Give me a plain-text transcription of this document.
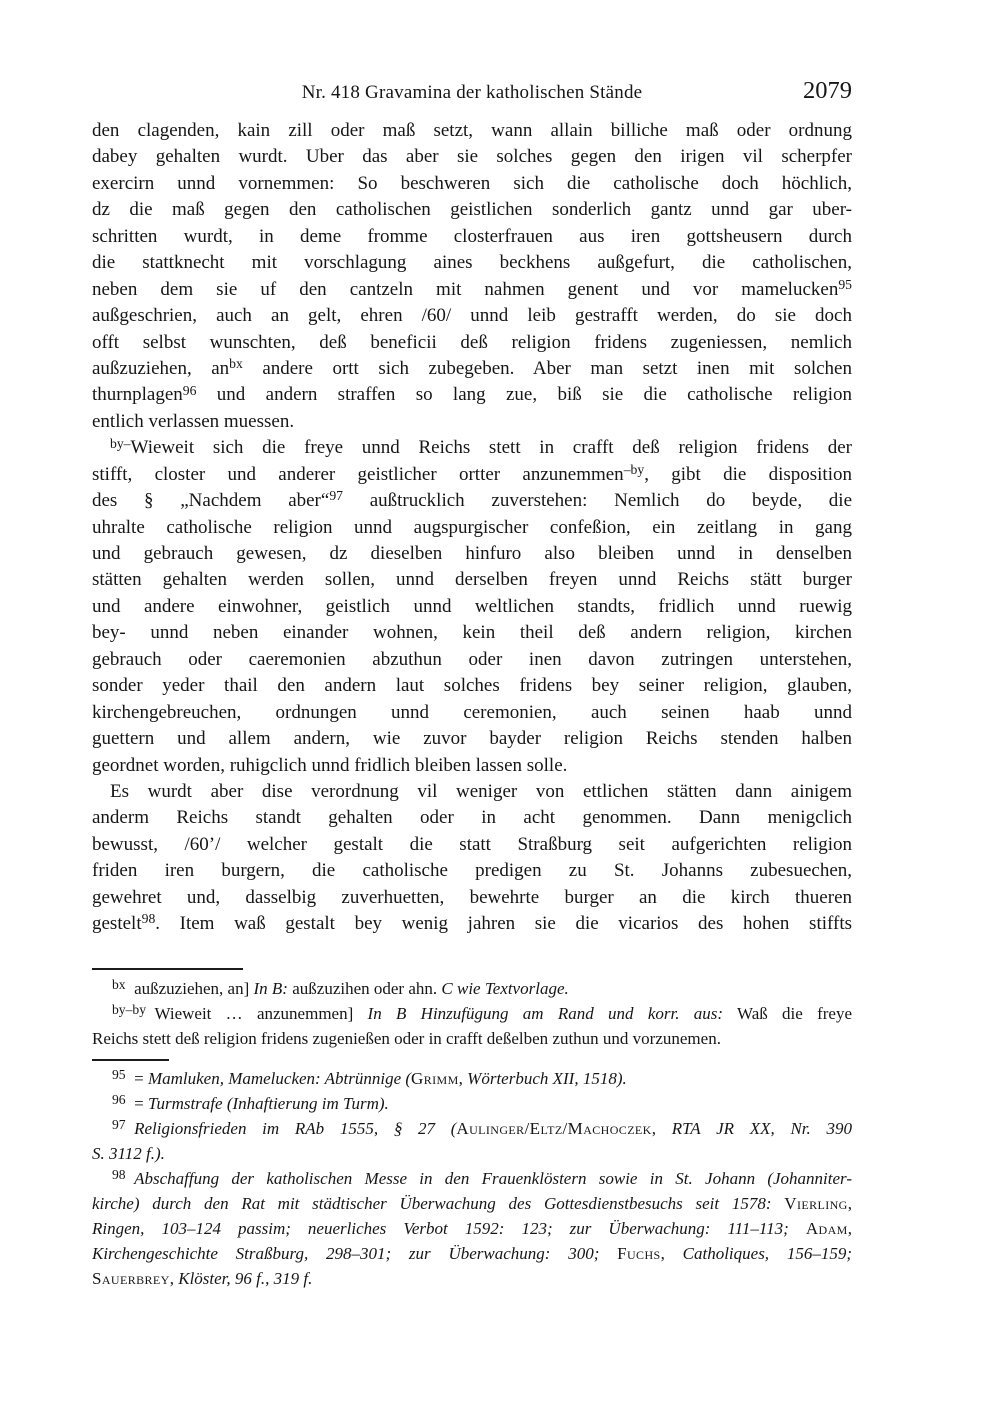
Nr. 418 Gravamina der katholischen Stände	2079
den clagenden, kain zill oder maß setzt, wann allain billiche maß oder ordnung
dabey gehalten wurdt. Uber das aber sie solches gegen den irigen vil scherpfer
exercirn unnd vornemmen: So beschweren sich die catholische doch höchlich,
dz die maß gegen den catholischen geistlichen sonderlich gantz unnd gar uber-
schritten wurdt, in deme fromme closterfrauen aus iren gottsheusern durch
die stattknecht mit vorschlagung aines beckhens außgefurt, die catholischen,
neben dem sie uf den cantzeln mit nahmen genent und vor mamelucken$^{95}$
außgeschrien, auch an gelt, ehren /60/ unnd leib gestrafft werden, do sie doch
offt selbst wunschten, deß beneficii deß religion fridens zugeniessen, nemlich
außzuziehen, $an^{bx}$ andere ortt sich zubegeben. Aber man setzt inen mit solchen
thurnplagen$^{96}$ und andern straffen so lang zue, biß sie die catholische religion
entlich verlassen muessen.
$^{by-}$Wieweit sich die freye unnd Reichs stett in crafft deß religion fridens der
stifft, closter und anderer geistlicher ortter anzunemmen$^{-by}$, gibt die disposition
des § „Nachdem aber“$^{97}$ außtrucklich zuverstehen: Nemlich do beyde, die
uhralte catholische religion unnd augspurgischer confeßion, ein zeitlang in gang
und gebrauch gewesen, dz dieselben hinfuro also bleiben unnd in denselben
stätten gehalten werden sollen, unnd derselben freyen unnd Reichs stätt burger
und andere einwohner, geistlich unnd weltlichen standts, fridlich unnd ruewig
bey- unnd neben einander wohnen, kein theil deß andern religion, kirchen
gebrauch oder caeremonien abzuthun oder inen davon zutringen unterstehen,
sonder yeder thail den andern laut solches fridens bey seiner religion, glauben,
kirchengebreuchen, ordnungen unnd ceremonien, auch seinen haab unnd
guettern und allem andern, wie zuvor bayder religion Reichs stenden halben
geordnet worden, ruhigclich unnd fridlich bleiben lassen solle.
Es wurdt aber dise verordnung vil weniger von ettlichen stätten dann ainigem
anderm Reichs standt gehalten oder in acht genommen. Dann menigclich
bewusst, /60’/ welcher gestalt die statt Straßburg seit aufgerichten religion
friden iren burgern, die catholische predigen zu St. Johanns zubesuechen,
gewehret und, dasselbig zuverhuetten, bewehrte burger an die kirch thueren
gestelt$^{98}$. Item waß gestalt bey wenig jahren sie die vicarios des hohen stiffts
$^{bx}$ außzuziehen, an] In B: außzuzihen oder ahn. C wie Textvorlage.
$^{by-by}$ Wieweit … anzunemmen] In B Hinzufügung am Rand und korr. aus: Waß die freye
Reichs stett deß religion fridens zugenießen oder in crafft deßelben zuthun und vorzunemen.
$^{95}$ = Mamluken, Mamelucken: Abtrünnige (Grimm, Wörterbuch XII, 1518).
$^{96}$ = Turmstrafe (Inhaftierung im Turm).
$^{97}$  Religionsfrieden im RAb 1555, § 27 (Aulinger/Eltz/Machoczek, RTA JR XX, Nr. 390
S. 3112 f.).
$^{98}$  Abschaffung der katholischen Messe in den Frauenklöstern sowie in St. Johann (Johanniter-
kirche) durch den Rat mit städtischer Überwachung des Gottesdienstbesuchs seit 1578: Vierling,
Ringen, 103–124 passim; neuerliches Verbot 1592: 123; zur Überwachung: 111–113; Adam,
Kirchengeschichte Straßburg, 298–301; zur Überwachung: 300; Fuchs, Catholiques, 156–159;
Sauerbrey, Klöster, 96 f., 319 f.
